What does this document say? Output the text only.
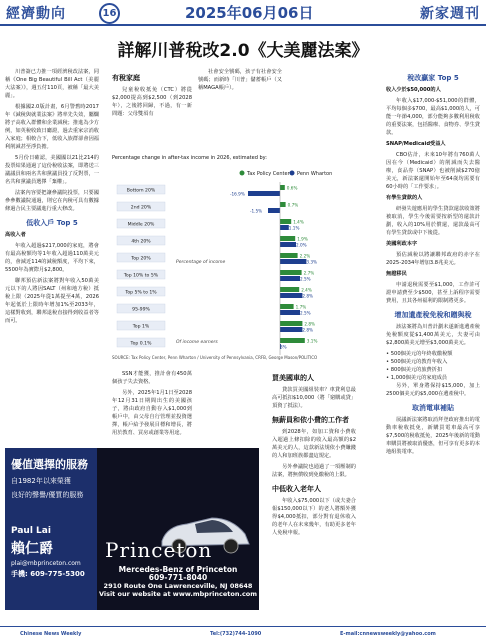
經濟動向	16	2025年06月06日	新家週刊
詳解川普稅改2.0《大美麗法案》

川普簽已力推一項經濟稅改法案，同稱《One Big Beautiful Bill Act（美麗大法案）》，週五付110頁，被稱「最大美麗」。

根據國2.0版計畫，6月警舊時2017年《減稅與就業法案》將率先失效，屬爛將子高收入群體和企業減稅；推進為少方例，如英稅收致日廳證，過去重家宗消收入家庭；相較合下，低收入族群卻會因福利削減甚至淨負擔。

5月份日確認，美國國以21比214的投票結果通過了這份稅收法案，即將送三議議員和兩名共和黨議員投了反對票，一名共和黨議員選擇「棄權」。

法案內容要把讓參議院投票，只要國參參數議院通過，則它在內稅可具有數據條過合民主要議進行重大修改。

低收入戶 Top 5

高收入者

年收入超過$217,000的家庭，將會有最高稅額均等1年收入超過110萬美元的，會減近114的減稅額度，平均下來，5500年為實際月$2,800。

聯邦預估新法案將對年收入50萬美元以下的人將因SALT（州和地方稅）抵稅上限（2025年從1萬提至4萬，2026年起低於上限時年增加1%至2033年，這樣對收到，聯邦退稅直接得到收益者等而可。

有稅家庭

兒童稅收抵免（CTC）將從$2,000提高到$2,500（到2028年），之後將回歸，不過，有一新問題：父母雙須有

社會安全號碼，孩子有社會安全號碼；而新時「川普」儲蓄帳戶（又稱MAGA帳戶）。

Percentage change in after-tax income in 2026, estimated by:
Tax Policy Center Penn Wharton
Bottom 20%
0.6%
-16.9%
2nd 20%
0.7%
-1.5%
Middle 20%
1.4%
1.1%
4th 20%
1.9%
2.0%
Top 20%
2.2%
3.3%
Top 10% to 5%
2.7%
2.5%
Top 5% to 1%
2.4%
2.8%
95-99%
1.7%
2.5%
Top 1%
2.8%
2.8%
Top 0.1%
3.1%
3%
Percentage of income
Of income earners
SOURCE: Tax Policy Center, Penn Wharton / University of Pennsylvania, CRFB, George Mason/POLITICO

SSN才能獲，推計會有450萬個孩子失去資格。

另外，2025年1月1日至2028年12月31日期間出生的美國孩子，將由政府自動存入$1,000到帳戶中，由父母自行管理並投資選擇，帳戶給予發展目標和增長，將用於教育、買房或創業等用途。

買美國車的人

貸款買美國組裝車？車貸利息最高可抵扣$10,000（將「窮購或貸」頂資了抵法）。

無薪員和依小費的工作者

到2028年，如加工資和小費收入超過上條扣除的收入最高額的$2萬美元的人，這款新法規依小費賺錢的人和加班族都盡這規定。

另外參議院也通過了一項壓制的法案，將無償收到免繳稅的上限。

中低收入老年人

年收入$75,000以下（或夫妻合報$150,000以下）的老人將額外獲得$4,000抵扣，部分對有退休收入的老年人在未來幾年，有助更多老年人免稅申報。

稅改贏家 Top 5

收入少於$50,000的人

年收入$17,000-$51,000的群體，平均每個多$700，最高$1,000的人，可能一年節4,000，部分能夠多數利用稅收的重要法案，包括醫療、食物券、學生貸款。

SNAP/Medicaid受益人

CBO估計，未來10年將有760萬人因在今（Medicaid）的削減而失去醫療，食品券（SNAP）也被削減$270億美元，新法案還開始年至64歲均需要有60小時的「工作要求」。

有學生貸款的人

研發失遊應用的學生貸款還款收策將被取消，學生今後需要按新型的還款計劃，收入的10%用於償還，還款最高可有學生貸款或中下後從。

美國利政本字

預估減稅以將讓聯邦政府的赤字在2025-2034年增加3.8兆美元。

無證移民

申請退稅需要至$1,000，工作許可證申請費至少$500，甚至上訴程序需要費用，且其各州福利的限制將更多。

增加遺產稅免稅和贈與稅

該法案將為川普計劃未遂新進遺產稅免稅額度從$1,400萬美元，夫妻可由$2,800萬美元增至$3,000萬美元。

• 500個美元的年終收繳稅額
• 500個美元的教育年收入
• 800個美元的旅費折扣
• 1,000個美元的家庭成員

另外，單身將保持$15,000，加上2500個美元的$5,000在遺產稅中。

取消電車補貼

展議新法案將取消拜登政府推出的電動車稅收抵免，新購買電車最高可享$7,500的稅收抵免，2025年後新的電動車購買將被取消優惠，但可享有更多的本地組裝電車。

優值選擇的服務
自1982年以來榮獲
良好的聲譽/優質的服務
Paul Lai
賴仁爵
plai@mbprinceton.com
手機: 609-775-5300
Princeton
Mercedes-Benz of Princeton
609-771-8040
2910 Route One Lawrenceville, NJ 08648
Visit our website at www.mbprinceton.com
Chinese News Weekly	Tel:(732)744-1090	E-mail:cnnewsweekly@yahoo.com
